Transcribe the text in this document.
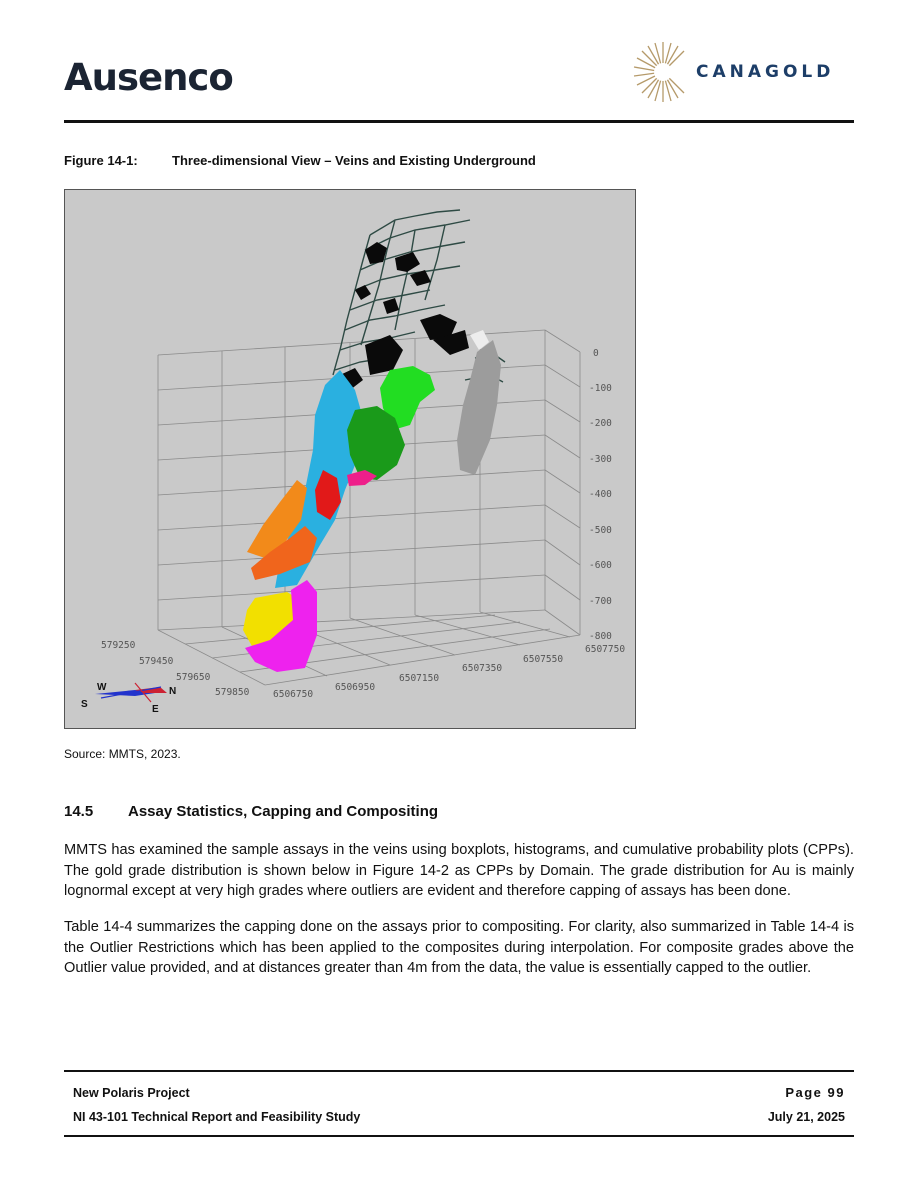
Ausenco	CANAGOLD
Figure 14-1:	Three-dimensional View – Veins and Existing Underground
0
-100
-200
-300
-400
-500
-600
-700
-800
579250
579450
579650
579850 6506750
6506950
6507150
6507350
6507550
6507750
W
S
N
E
Source: MMTS, 2023.
14.5 Assay Statistics, Capping and Compositing
MMTS has examined the sample assays in the veins using boxplots, histograms, and cumulative probability plots (CPPs). The gold grade distribution is shown below in Figure 14-2 as CPPs by Domain. The grade distribution for Au is mainly lognormal except at very high grades where outliers are evident and therefore capping of assays has been done.
Table 14-4 summarizes the capping done on the assays prior to compositing. For clarity, also summarized in Table 14-4 is the Outlier Restrictions which has been applied to the composites during interpolation. For composite grades above the Outlier value provided, and at distances greater than 4m from the data, the value is essentially capped to the outlier.
New Polaris Project
NI 43-101 Technical Report and Feasibility Study
Page 99
July 21, 2025
